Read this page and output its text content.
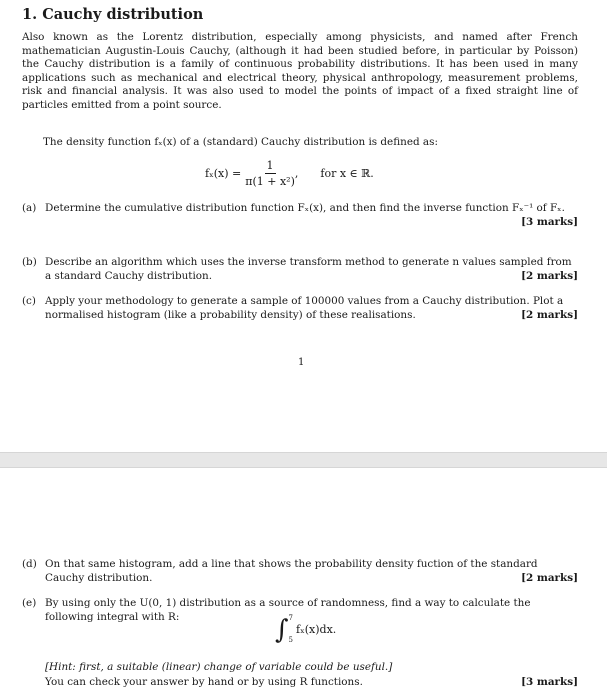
1. Cauchy distribution
Also known as the Lorentz distribution, especially among physicists, and named after French mathematician Augustin-Louis Cauchy, (although it had been studied before, in particular by Poisson) the Cauchy distribution is a family of continuous probability distributions. It has been used in many applications such as mechanical and electrical theory, physical anthropology, measurement problems, risk and financial analysis. It was also used to model the points of impact of a fixed straight line of particles emitted from a point source.
The density function fₓ(x) of a (standard) Cauchy distribution is defined as:
$f_x(x) = \frac{1}{\text{π(1 + x²)}}$ , for x ∈ ℝ.
(a) Determine the cumulative distribution function Fₓ(x), and then find the inverse function Fₓ⁻¹ of Fₓ.
[3 marks]
(b) Describe an algorithm which uses the inverse transform method to generate n values sampled from a standard Cauchy distribution.	[2 marks]
(c) Apply your methodology to generate a sample of 100000 values from a Cauchy distribution. Plot a normalised histogram (like a probability density) of these realisations.	[2 marks]
1
(d) On that same histogram, add a line that shows the probability density fuction of the standard Cauchy distribution.	[2 marks]
(e) By using only the U(0, 1) distribution as a source of randomness, find a way to calculate the following integral with R:	∫ 7
5
fₓ(x)dx.
[Hint: first, a suitable (linear) change of variable could be useful.]
You can check your answer by hand or by using R functions.	[3 marks]
